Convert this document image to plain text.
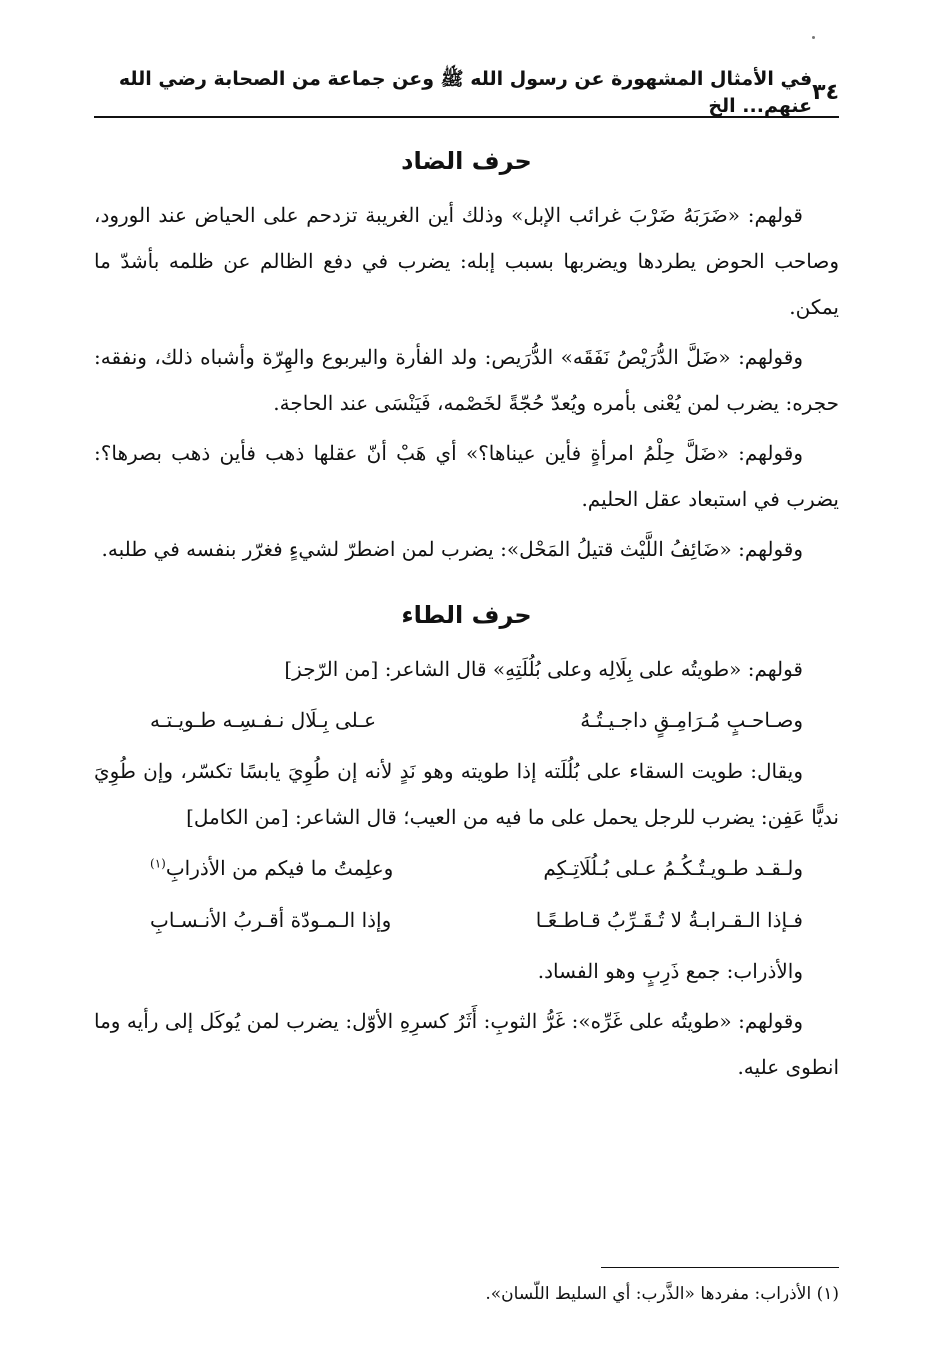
٣٤
في الأمثال المشهورة عن رسول الله ﷺ وعن جماعة من الصحابة رضي الله عنهم... الخ
حرف الضاد

قولهم: «ضَرَبَهُ ضَرْبَ غرائب الإبل» وذلك أين الغريبة تزدحم على الحياض عند الورود، وصاحب الحوض يطردها ويضربها بسبب إبله: يضرب في دفع الظالم عن ظلمه بأشدّ ما يمكن.

وقولهم: «ضَلَّ الدُّرَيْصُ نَفَقَه» الدُّرَيص: ولد الفأرة واليربوع والهِرّة وأشباه ذلك، ونفقه: حجره: يضرب لمن يُعْنى بأمره ويُعدّ حُجّةً لخَصْمه، فَيَنْسَى عند الحاجة.

وقولهم: «ضَلَّ حِلْمُ امرأةٍ فأين عيناها؟» أي هَبْ أنّ عقلها ذهب فأين ذهب بصرها؟: يضرب في استبعاد عقل الحليم.

وقولهم: «ضَائِفُ اللَّيْث قتيلُ المَحْل»: يضرب لمن اضطرّ لشيءٍ فغرّر بنفسه في طلبه.

حرف الطاء

قولهم: «طويتُه على بِلَالِه وعلى بُلُلَتِهِ» قال الشاعر: [من الرّجز]

وصـاحـبٍ مُـرَامِـقٍ داجـيـتُـهُ
عـلى بِـلَال نـفـسِـه طـويـتـه

ويقال: طويت السقاء على بُلُلَته إذا طويته وهو نَدٍ لأنه إن طُوِيَ يابسًا تكسّر، وإن طُوِيَ نديًّا عَفِن: يضرب للرجل يحمل على ما فيه من العيب؛ قال الشاعر: [من الكامل]

ولـقـد طـويـتُـكُـمُ عـلى بُـلُلَاتِـكِم
وعلِمتُ ما فيكم من الأذرابِ$^{(١)}$
فـإذا الـقـرابـةُ لا تُـقَـرِّبُ قـاطـعًـا
وإذا الـمـودّة أقـربُ الأنـسـابِ

والأذراب: جمع ذَرِبٍ وهو الفساد.

وقولهم: «طويتُه على غَرِّه»: غَرُّ الثوبِ: أَثَرُ كسرِهِ الأوّل: يضرب لمن يُوكَل إلى رأيه وما انطوى عليه.

(١) الأذراب: مفردها «الذَّرب: أي السليط اللّسان».
